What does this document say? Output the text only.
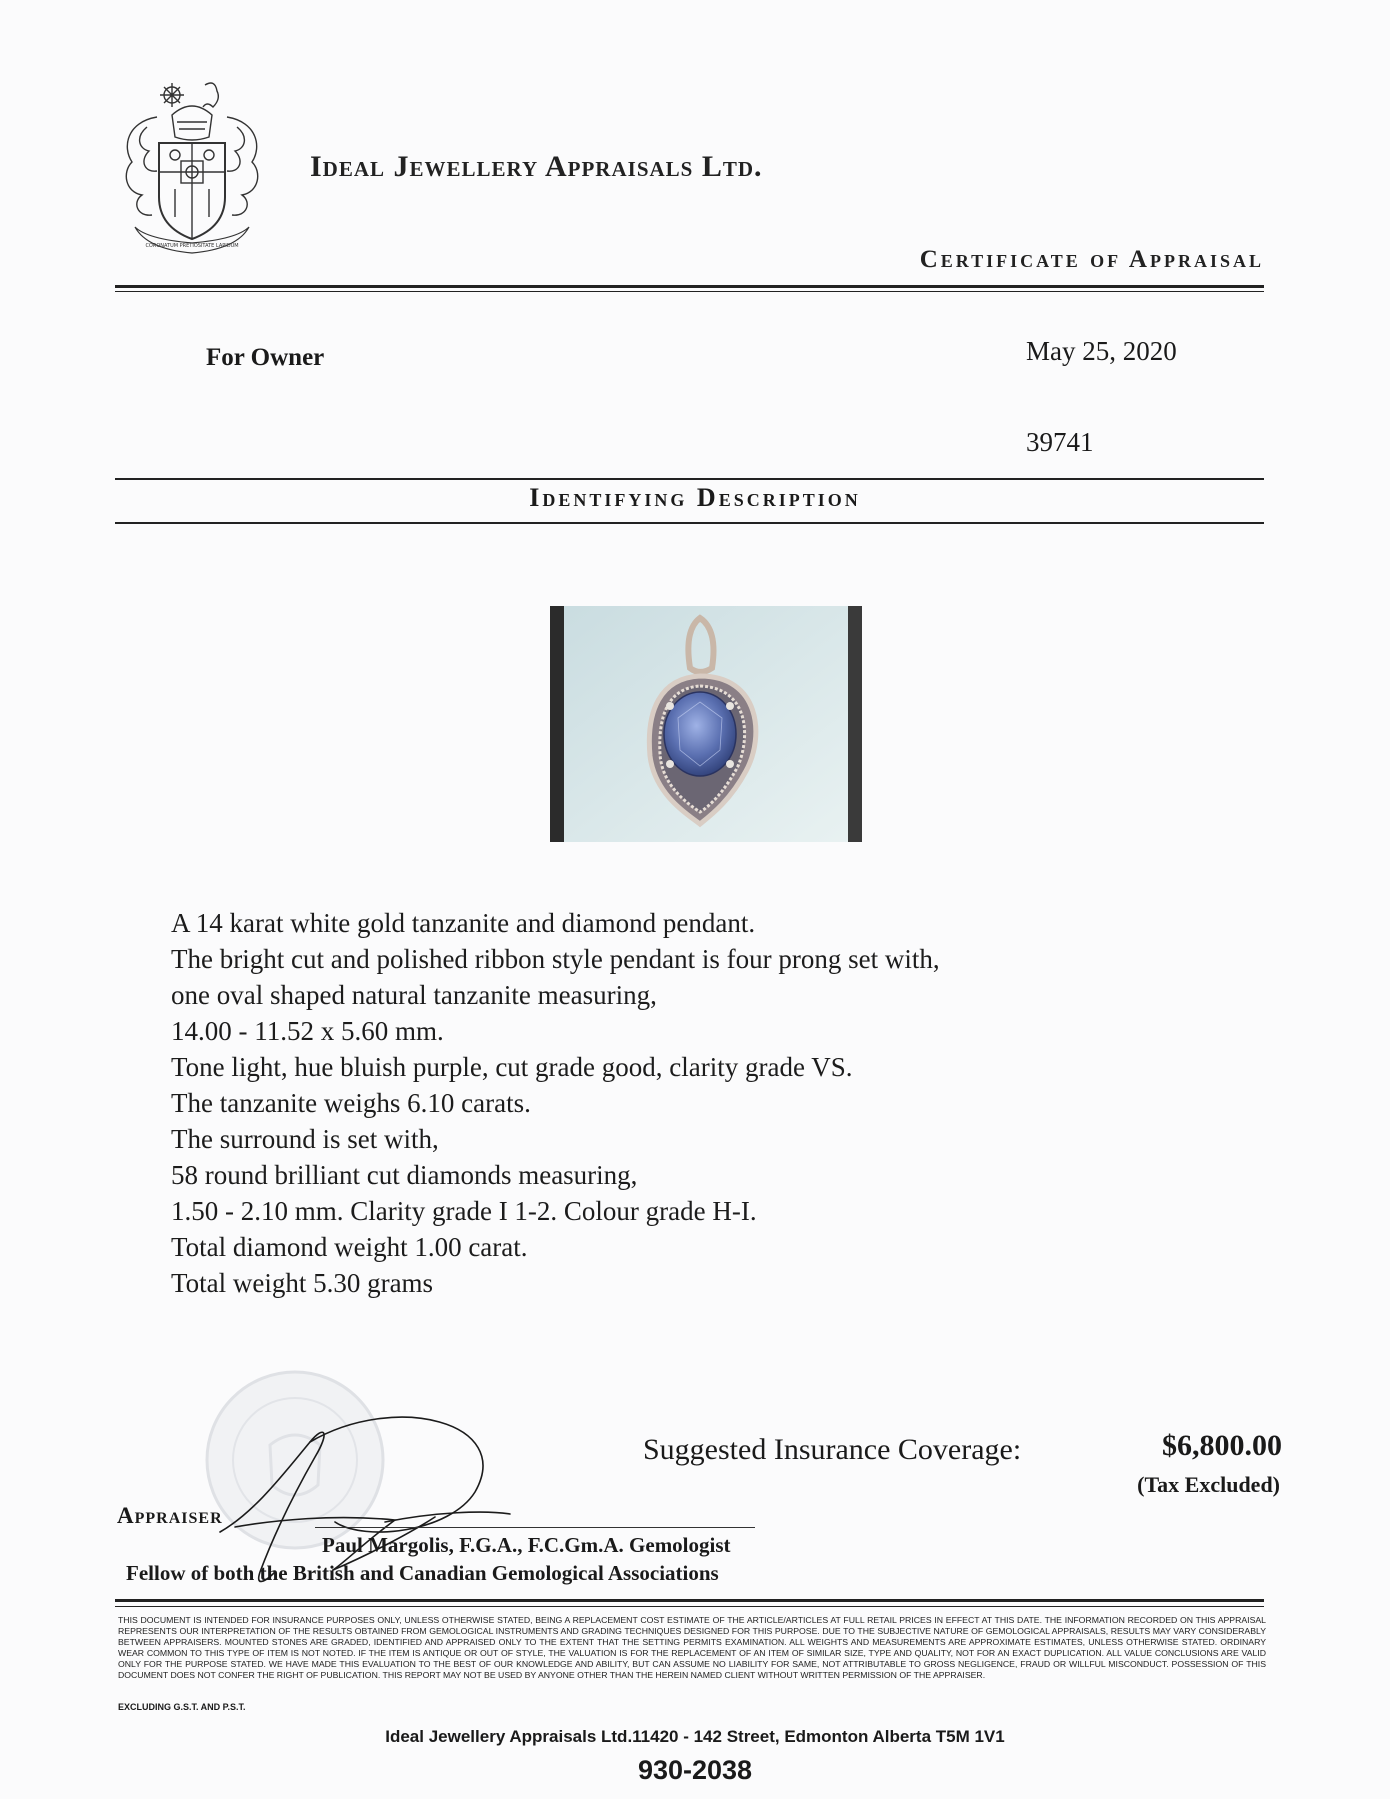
CORONATUM PRETIOSITATE LAPIDUM
Ideal Jewellery Appraisals Ltd.
Certificate of Appraisal
For Owner	May 25, 2020
39741
Identifying Description
A 14 karat white gold tanzanite and diamond pendant.
The bright cut and polished ribbon style pendant is four prong set with,
one oval shaped natural tanzanite measuring,
14.00 - 11.52 x 5.60 mm.
Tone light, hue bluish purple, cut grade good, clarity grade VS.
The tanzanite weighs 6.10 carats.
The surround is set with,
58 round brilliant cut diamonds measuring,
1.50 - 2.10 mm. Clarity grade I 1-2. Colour grade H-I.
Total diamond weight 1.00 carat.
Total weight 5.30 grams
Suggested Insurance Coverage:	$6,800.00
(Tax Excluded)
Appraiser
Paul Margolis, F.G.A., F.C.Gm.A. Gemologist
Fellow of both the British and Canadian Gemological Associations
THIS DOCUMENT IS INTENDED FOR INSURANCE PURPOSES ONLY, UNLESS OTHERWISE STATED, BEING A REPLACEMENT COST ESTIMATE OF THE ARTICLE/ARTICLES AT FULL RETAIL PRICES IN EFFECT AT THIS DATE. THE INFORMATION RECORDED ON THIS APPRAISAL REPRESENTS OUR INTERPRETATION OF THE RESULTS OBTAINED FROM GEMOLOGICAL INSTRUMENTS AND GRADING TECHNIQUES DESIGNED FOR THIS PURPOSE. DUE TO THE SUBJECTIVE NATURE OF GEMOLOGICAL APPRAISALS, RESULTS MAY VARY CONSIDERABLY BETWEEN APPRAISERS. MOUNTED STONES ARE GRADED, IDENTIFIED AND APPRAISED ONLY TO THE EXTENT THAT THE SETTING PERMITS EXAMINATION. ALL WEIGHTS AND MEASUREMENTS ARE APPROXIMATE ESTIMATES, UNLESS OTHERWISE STATED. ORDINARY WEAR COMMON TO THIS TYPE OF ITEM IS NOT NOTED. IF THE ITEM IS ANTIQUE OR OUT OF STYLE, THE VALUATION IS FOR THE REPLACEMENT OF AN ITEM OF SIMILAR SIZE, TYPE AND QUALITY, NOT FOR AN EXACT DUPLICATION. ALL VALUE CONCLUSIONS ARE VALID ONLY FOR THE PURPOSE STATED. WE HAVE MADE THIS EVALUATION TO THE BEST OF OUR KNOWLEDGE AND ABILITY, BUT CAN ASSUME NO LIABILITY FOR SAME, NOT ATTRIBUTABLE TO GROSS NEGLIGENCE, FRAUD OR WILLFUL MISCONDUCT. POSSESSION OF THIS DOCUMENT DOES NOT CONFER THE RIGHT OF PUBLICATION. THIS REPORT MAY NOT BE USED BY ANYONE OTHER THAN THE HEREIN NAMED CLIENT WITHOUT WRITTEN PERMISSION OF THE APPRAISER.
EXCLUDING G.S.T. AND P.S.T.
Ideal Jewellery Appraisals Ltd.11420 - 142 Street, Edmonton Alberta T5M 1V1
930-2038
